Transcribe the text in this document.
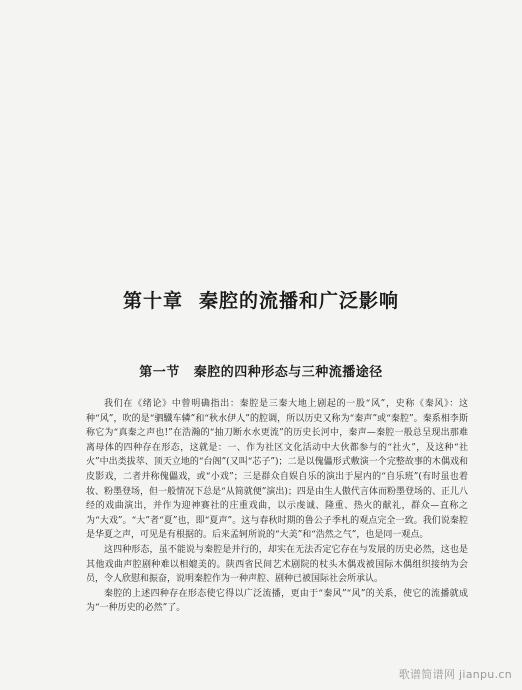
第十章 秦腔的流播和广泛影响
第一节 秦腔的四种形态与三种流播途径

我们在《绪论》中曾明确指出：秦腔是三秦大地上剧起的一股“风”，史称《秦风》：这种“风”，吹的是“驷驖车辚”和“秋水伊人”的腔调，所以历史又称为“秦声”或“秦腔”。秦系相李斯称它为“真秦之声也!”在浩瀚的“抽刀断水水更流”的历史长河中，秦声—秦腔一般总呈现出那难离母体的四种存在形态，这就是：一、作为社区文化活动中大伙都参与的“社火”，及这种“社火”中出类拔萃、顶天立地的“台阁”(又叫“芯子”)；二是以傀儡形式敷演一个完整故事的木偶戏和皮影戏，二者并称傀儡戏，或“小戏”；三是群众自娱自乐的演出于屋内的“自乐班”(有时虽也着妆、粉墨登场，但一般情况下总是“从简就便”演出)；四是由生人傲代言体而粉墨登场的、正儿八经的戏曲演出，并作为迎神赛社的庄重戏曲，以示虔诚、隆重、热火的献礼，群众—直称之为“大戏”。“大”者“夏”也，即“夏声”。这与春秋时期的鲁公子季札的观点完全一致。我们说秦腔是华夏之声，可见是有根据的。后来孟轲所说的“大美”和“浩然之气”，也是同一观点。

这四种形态，虽不能说与秦腔是并行的，却实在无法否定它存在与发展的历史必然，这也是其他戏曲声腔剧种难以相媲美的。陕西省民间艺术剧院的杖头木偶戏被国际木偶组织接纳为会员，令人欣慰和振奋，说明秦腔作为一种声腔、剧种已被国际社会所承认。

秦腔的上述四种存在形态使它得以广泛流播，更由于“秦风”“风”的关系，使它的流播就成为“一种历史的必然”了。

歌谱简谱网 jianpu.cn
